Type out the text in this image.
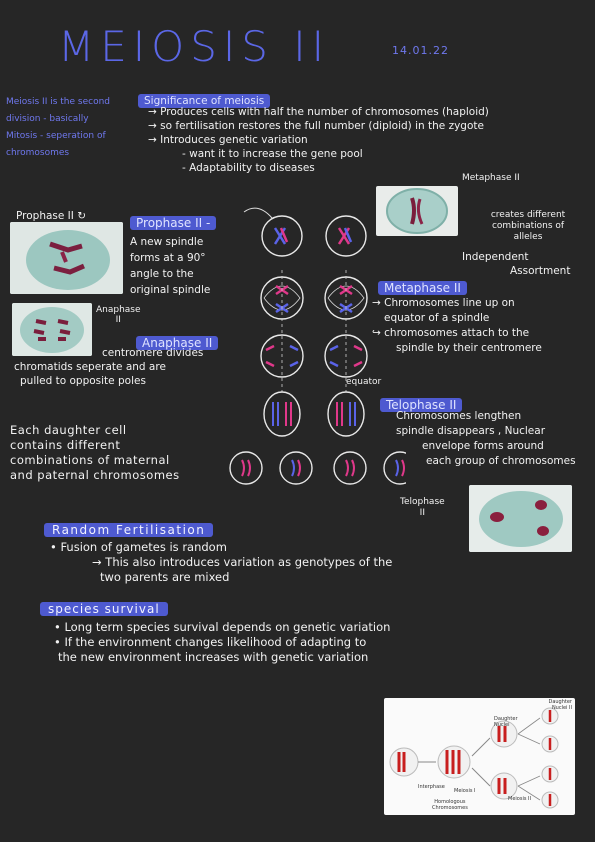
MEIOSIS II	14.01.22
Meiosis II is the second
division - basically
Mitosis - seperation of
chromosomes
Significance of meiosis
→ Produces cells with half the number of chromosomes (haploid)
→ so fertilisation restores the full number (diploid) in the zygote
→ Introduces genetic variation
- want it to increase the gene pool
- Adaptability to diseases
Metaphase II
Prophase II ↻	Prophase II -
A new spindle
forms at a 90°
angle to the
original spindle
creates different
combinations of
alleles
Independent
Assortment
Anaphase
II
Anaphase II
centromere divides
chromatids seperate and are
pulled to opposite poles
Metaphase II
→ Chromosomes line up on
equator of a spindle
↪ chromosomes attach to the
spindle by their centromere
equator
Telophase II
Chromosomes lengthen
spindle disappears , Nuclear
envelope forms around
each group of chromosomes
Each daughter cell
contains different
combinations of maternal
and paternal chromosomes
Telophase
II
Random Fertilisation
• Fusion of gametes is random
→ This also introduces variation as genotypes of the
two parents are mixed
species survival
• Long term species survival depends on genetic variation
• If the environment changes likelihood of adapting to
the new environment increases with genetic variation
Interphase
Meiosis I
Meiosis II
Homologous
Chromosomes
Daughter Nuclei
Daughter Nuclei II
